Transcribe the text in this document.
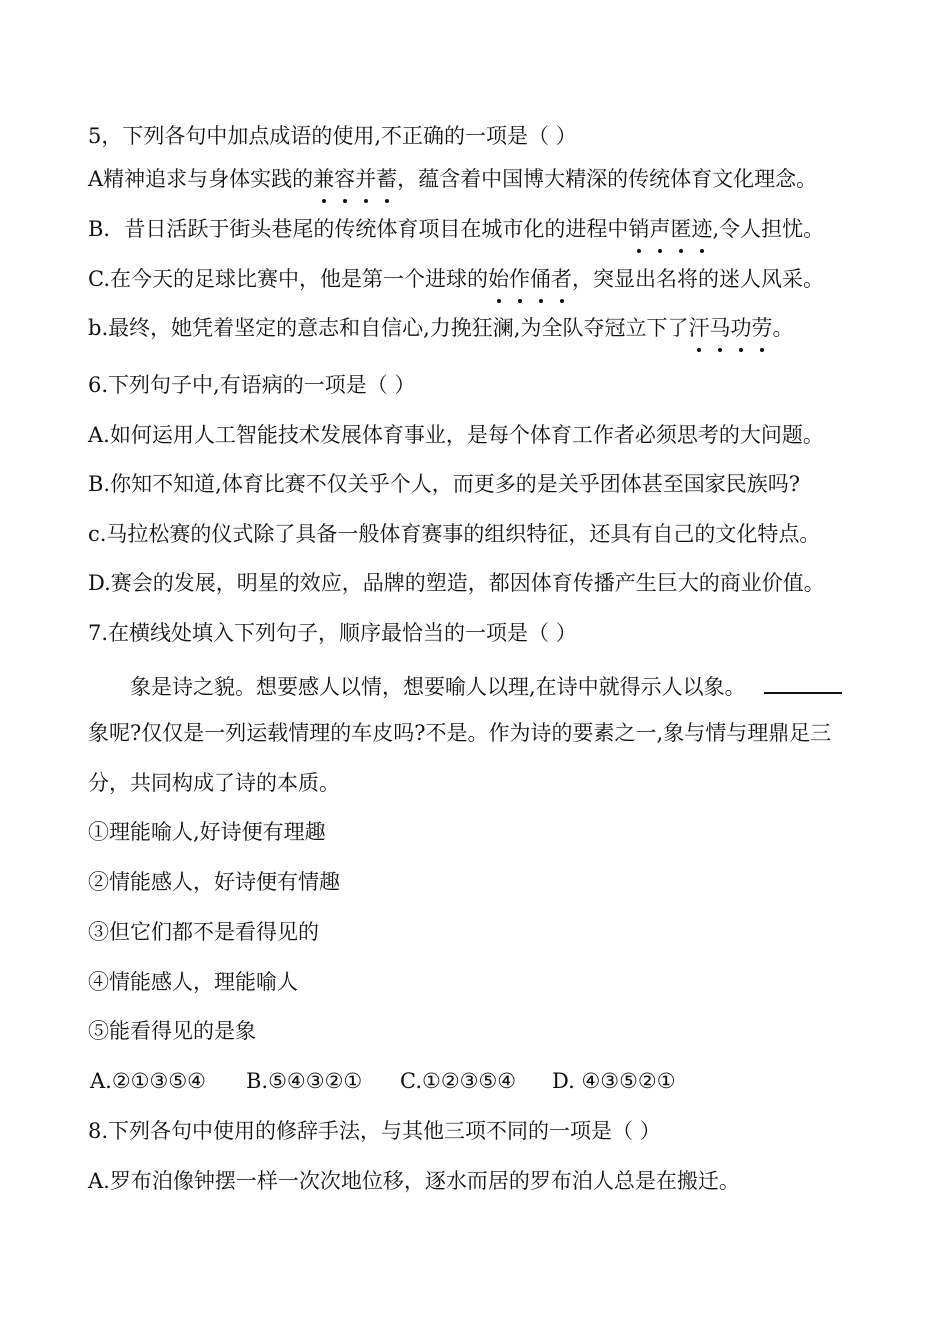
5，下列各句中加点成语的使用,不正确的一项是（ ）
A精神追求与身体实践的兼容并蓄，蕴含着中国博大精深的传统体育文化理念。
B．昔日活跃于街头巷尾的传统体育项目在城市化的进程中销声匿迹,令人担忧。
C.在今天的足球比赛中，他是第一个进球的始作俑者，突显出名将的迷人风采。
b.最终，她凭着坚定的意志和自信心,力挽狂澜,为全队夺冠立下了汗马功劳。
6.下列句子中,有语病的一项是（ ）
A.如何运用人工智能技术发展体育事业，是每个体育工作者必须思考的大问题。
B.你知不知道,体育比赛不仅关乎个人，而更多的是关乎团体甚至国家民族吗?
c.马拉松赛的仪式除了具备一般体育赛事的组织特征，还具有自己的文化特点。
D.赛会的发展，明星的效应，品牌的塑造，都因体育传播产生巨大的商业价值。
7.在横线处填入下列句子，顺序最恰当的一项是（ ）
象是诗之貌。想要感人以情，想要喻人以理,在诗中就得示人以象。
象呢?仅仅是一列运载情理的车皮吗?不是。作为诗的要素之一,象与情与理鼎足三
分，共同构成了诗的本质。
①理能喻人,好诗便有理趣
②情能感人，好诗便有情趣
③但它们都不是看得见的
④情能感人，理能喻人
⑤能看得见的是象
A.②①③⑤④ B.⑤④③②① C.①②③⑤④ D. ④③⑤②①
8.下列各句中使用的修辞手法，与其他三项不同的一项是（ ）
A.罗布泊像钟摆一样一次次地位移，逐水而居的罗布泊人总是在搬迁。
